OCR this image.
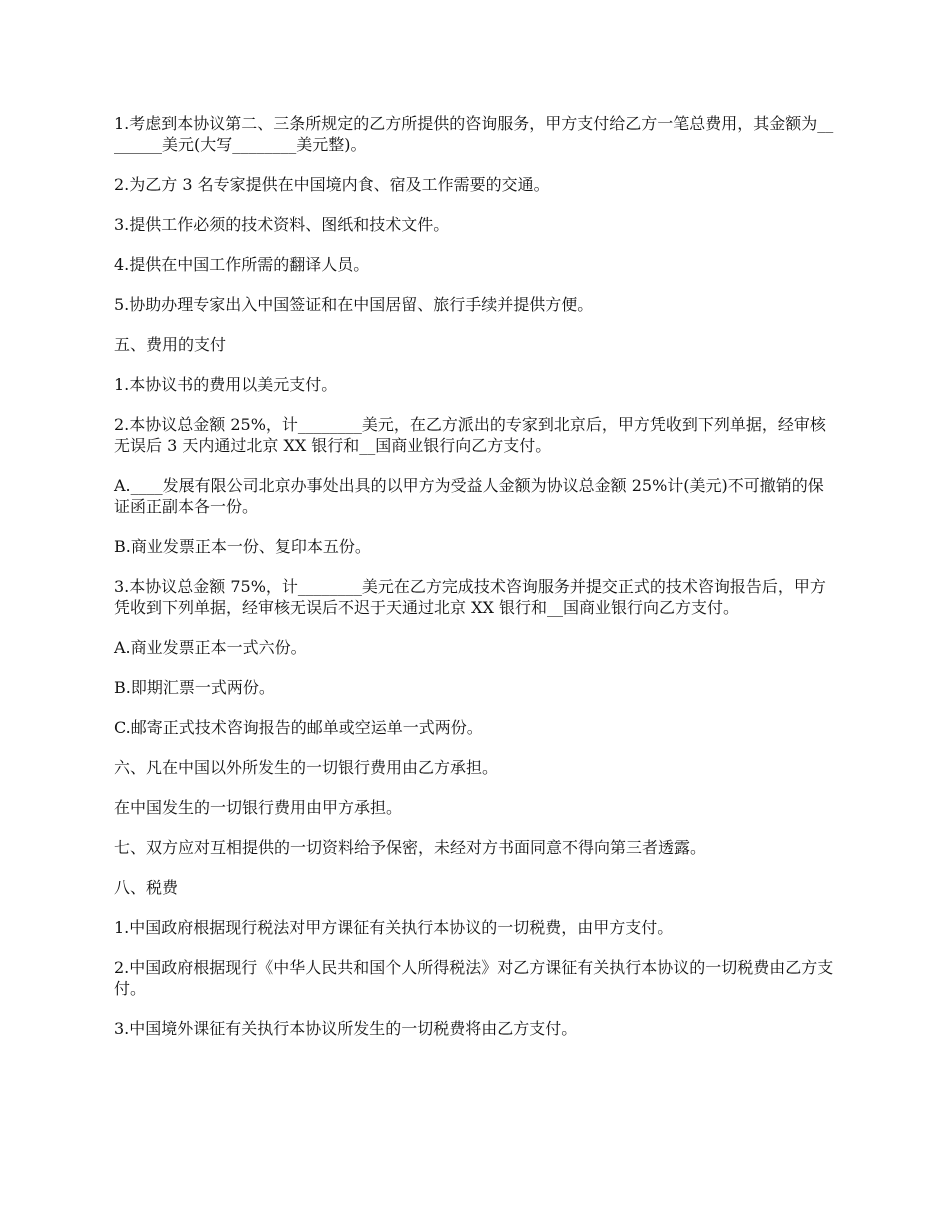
1.考虑到本协议第二、三条所规定的乙方所提供的咨询服务，甲方支付给乙方一笔总费用，其金额为________美元(大写________美元整)。

2.为乙方 3 名专家提供在中国境内食、宿及工作需要的交通。

3.提供工作必须的技术资料、图纸和技术文件。

4.提供在中国工作所需的翻译人员。

5.协助办理专家出入中国签证和在中国居留、旅行手续并提供方便。

五、费用的支付

1.本协议书的费用以美元支付。

2.本协议总金额 25%，计________美元，在乙方派出的专家到北京后，甲方凭收到下列单据，经审核无误后 3 天内通过北京 XX 银行和__国商业银行向乙方支付。

A.____发展有限公司北京办事处出具的以甲方为受益人金额为协议总金额 25%计(美元)不可撤销的保证函正副本各一份。

B.商业发票正本一份、复印本五份。

3.本协议总金额 75%，计________美元在乙方完成技术咨询服务并提交正式的技术咨询报告后，甲方凭收到下列单据，经审核无误后不迟于天通过北京 XX 银行和__国商业银行向乙方支付。

A.商业发票正本一式六份。

B.即期汇票一式两份。

C.邮寄正式技术咨询报告的邮单或空运单一式两份。

六、凡在中国以外所发生的一切银行费用由乙方承担。

在中国发生的一切银行费用由甲方承担。

七、双方应对互相提供的一切资料给予保密，未经对方书面同意不得向第三者透露。

八、税费

1.中国政府根据现行税法对甲方课征有关执行本协议的一切税费，由甲方支付。

2.中国政府根据现行《中华人民共和国个人所得税法》对乙方课征有关执行本协议的一切税费由乙方支付。

3.中国境外课征有关执行本协议所发生的一切税费将由乙方支付。
